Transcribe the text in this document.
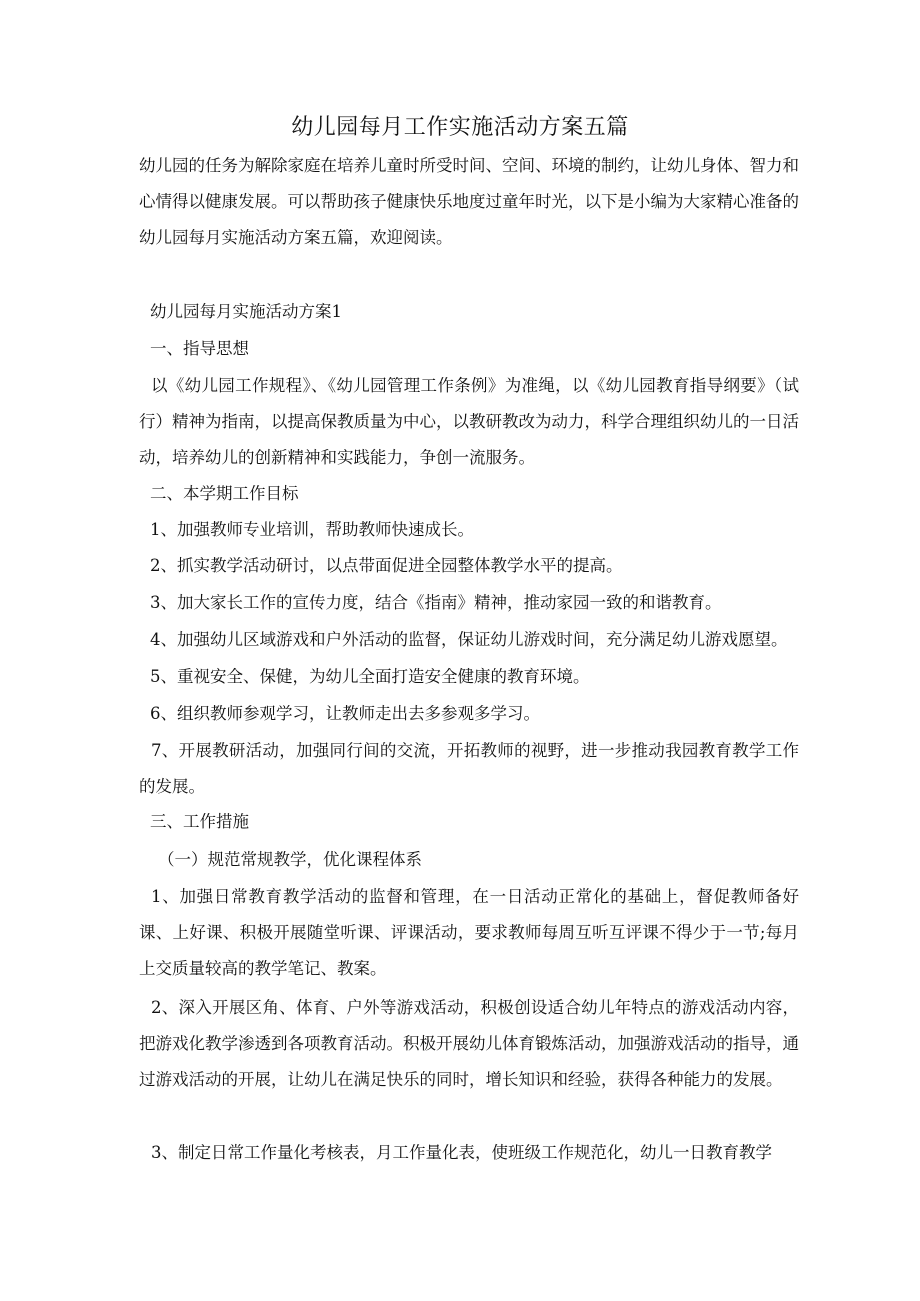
幼儿园每月工作实施活动方案五篇

幼儿园的任务为解除家庭在培养儿童时所受时间、空间、环境的制约，让幼儿身体、智力和心情得以健康发展。可以帮助孩子健康快乐地度过童年时光，以下是小编为大家精心准备的幼儿园每月实施活动方案五篇，欢迎阅读。

幼儿园每月实施活动方案1
一、指导思想

以《幼儿园工作规程》、《幼儿园管理工作条例》为准绳，以《幼儿园教育指导纲要》（试行）精神为指南，以提高保教质量为中心，以教研教改为动力，科学合理组织幼儿的一日活动，培养幼儿的创新精神和实践能力，争创一流服务。

二、本学期工作目标
1、加强教师专业培训，帮助教师快速成长。
2、抓实教学活动研讨，以点带面促进全园整体教学水平的提高。
3、加大家长工作的宣传力度，结合《指南》精神，推动家园一致的和谐教育。
4、加强幼儿区域游戏和户外活动的监督，保证幼儿游戏时间，充分满足幼儿游戏愿望。
5、重视安全、保健，为幼儿全面打造安全健康的教育环境。
6、组织教师参观学习，让教师走出去多参观多学习。

7、开展教研活动，加强同行间的交流，开拓教师的视野，进一步推动我园教育教学工作的发展。

三、工作措施
（一）规范常规教学，优化课程体系

1、加强日常教育教学活动的监督和管理，在一日活动正常化的基础上，督促教师备好课、上好课、积极开展随堂听课、评课活动，要求教师每周互听互评课不得少于一节;每月上交质量较高的教学笔记、教案。

2、深入开展区角、体育、户外等游戏活动，积极创设适合幼儿年特点的游戏活动内容，把游戏化教学渗透到各项教育活动。积极开展幼儿体育锻炼活动，加强游戏活动的指导，通过游戏活动的开展，让幼儿在满足快乐的同时，增长知识和经验，获得各种能力的发展。

3、制定日常工作量化考核表，月工作量化表，使班级工作规范化，幼儿一日教育教学
